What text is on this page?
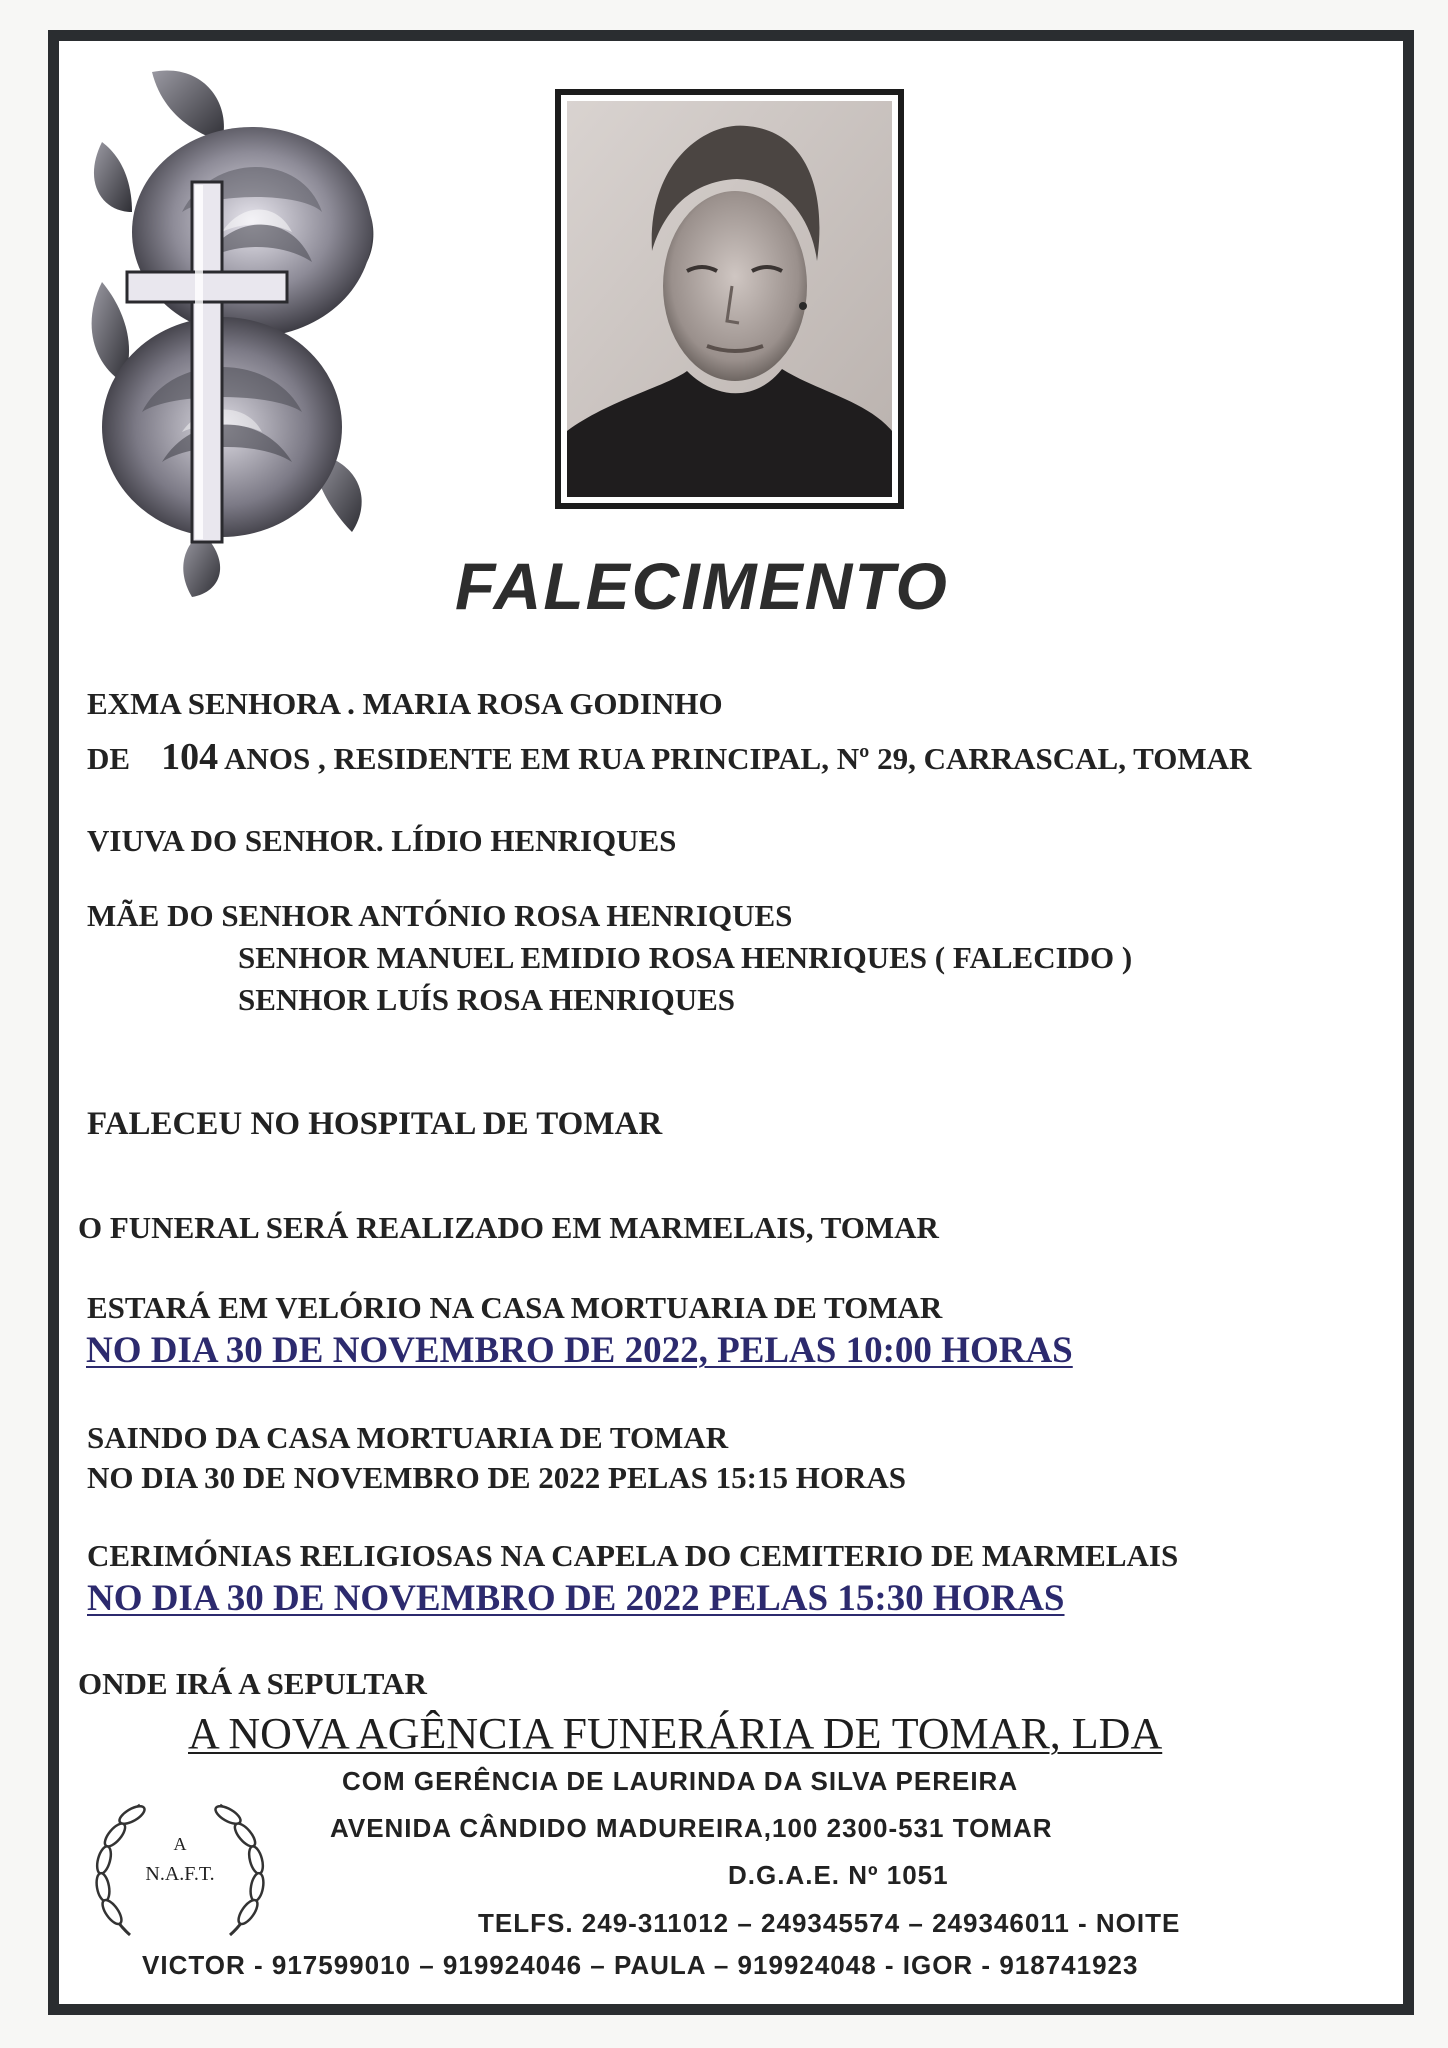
FALECIMENTO
EXMA SENHORA . MARIA ROSA GODINHO
DE 104 ANOS , RESIDENTE EM RUA PRINCIPAL, Nº 29, CARRASCAL, TOMAR
VIUVA DO SENHOR. LÍDIO HENRIQUES
MÃE DO SENHOR ANTÓNIO ROSA HENRIQUES
SENHOR MANUEL EMIDIO ROSA HENRIQUES ( FALECIDO )
SENHOR LUÍS ROSA HENRIQUES
FALECEU NO HOSPITAL DE TOMAR
O FUNERAL SERÁ REALIZADO EM MARMELAIS, TOMAR
ESTARÁ EM VELÓRIO NA CASA MORTUARIA DE TOMAR
NO DIA 30 DE NOVEMBRO DE 2022, PELAS 10:00 HORAS
SAINDO DA CASA MORTUARIA DE TOMAR
NO DIA 30 DE NOVEMBRO DE 2022 PELAS 15:15 HORAS
CERIMÓNIAS RELIGIOSAS NA CAPELA DO CEMITERIO DE MARMELAIS
NO DIA 30 DE NOVEMBRO DE 2022 PELAS 15:30 HORAS
ONDE IRÁ A SEPULTAR
A NOVA AGÊNCIA FUNERÁRIA DE TOMAR, LDA
COM GERÊNCIA DE LAURINDA DA SILVA PEREIRA
AVENIDA CÂNDIDO MADUREIRA,100 2300-531 TOMAR
D.G.A.E. Nº 1051
TELFS. 249-311012 – 249345574 – 249346011 - NOITE
VICTOR - 917599010 – 919924046 – PAULA – 919924048 - IGOR - 918741923
A
N.A.F.T.
